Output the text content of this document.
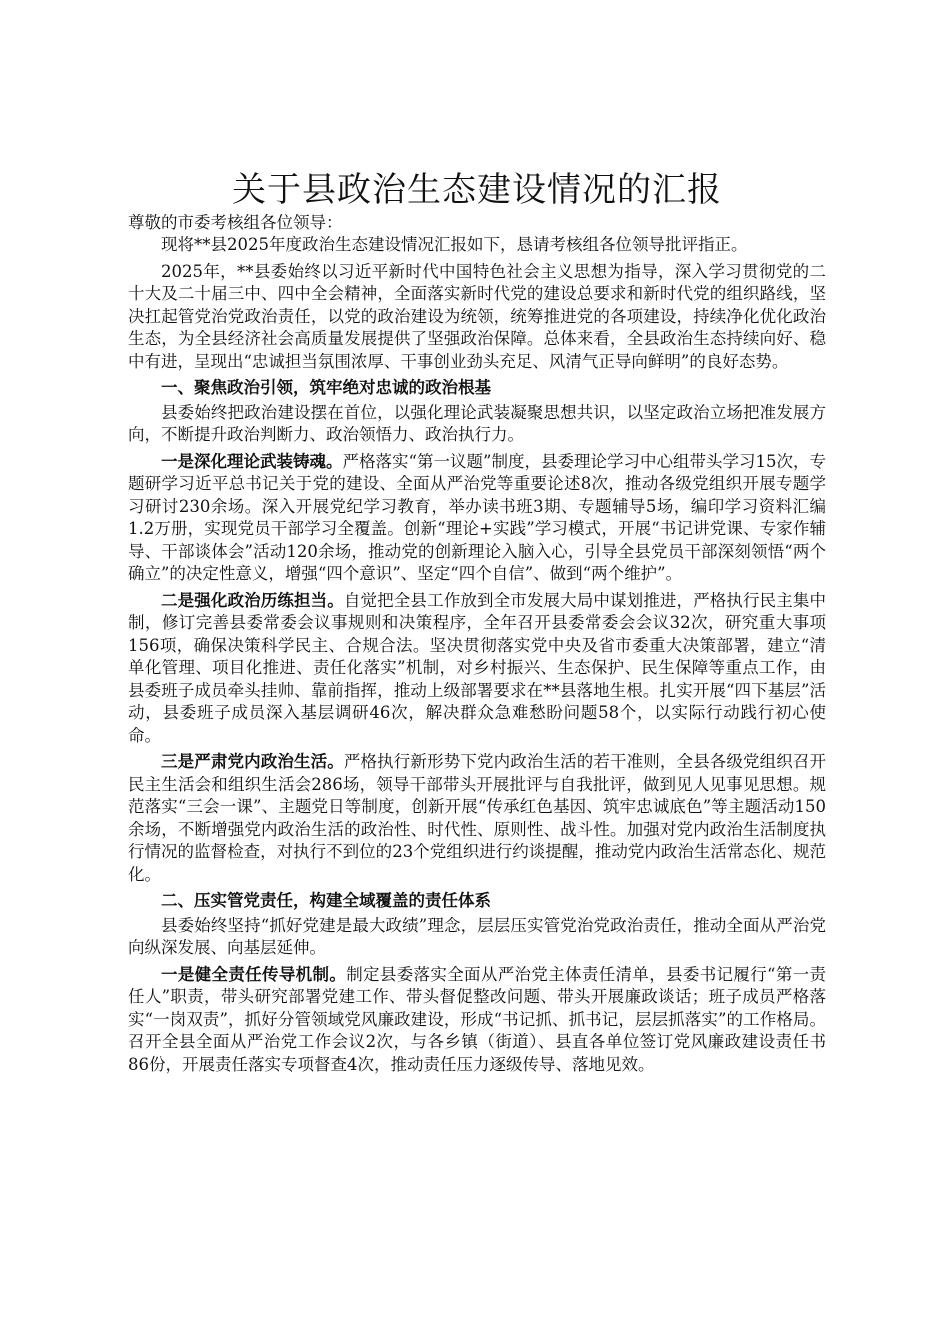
关于县政治生态建设情况的汇报

尊敬的市委考核组各位领导：

现将**县2025年度政治生态建设情况汇报如下，恳请考核组各位领导批评指正。

2025年，**县委始终以习近平新时代中国特色社会主义思想为指导，深入学习贯彻党的二十大及二十届三中、四中全会精神，全面落实新时代党的建设总要求和新时代党的组织路线，坚决扛起管党治党政治责任，以党的政治建设为统领，统筹推进党的各项建设，持续净化优化政治生态，为全县经济社会高质量发展提供了坚强政治保障。总体来看，全县政治生态持续向好、稳中有进，呈现出“忠诚担当氛围浓厚、干事创业劲头充足、风清气正导向鲜明”的良好态势。

一、聚焦政治引领，筑牢绝对忠诚的政治根基

县委始终把政治建设摆在首位，以强化理论武装凝聚思想共识，以坚定政治立场把准发展方向，不断提升政治判断力、政治领悟力、政治执行力。

一是深化理论武装铸魂。严格落实“第一议题”制度，县委理论学习中心组带头学习15次，专题研学习近平总书记关于党的建设、全面从严治党等重要论述8次，推动各级党组织开展专题学习研讨230余场。深入开展党纪学习教育，举办读书班3期、专题辅导5场，编印学习资料汇编1.2万册，实现党员干部学习全覆盖。创新“理论+实践”学习模式，开展“书记讲党课、专家作辅导、干部谈体会”活动120余场，推动党的创新理论入脑入心，引导全县党员干部深刻领悟“两个确立”的决定性意义，增强“四个意识”、坚定“四个自信”、做到“两个维护”。

二是强化政治历练担当。自觉把全县工作放到全市发展大局中谋划推进，严格执行民主集中制，修订完善县委常委会议事规则和决策程序，全年召开县委常委会会议32次，研究重大事项156项，确保决策科学民主、合规合法。坚决贯彻落实党中央及省市委重大决策部署，建立“清单化管理、项目化推进、责任化落实”机制，对乡村振兴、生态保护、民生保障等重点工作，由县委班子成员牵头挂帅、靠前指挥，推动上级部署要求在**县落地生根。扎实开展“四下基层”活动，县委班子成员深入基层调研46次，解决群众急难愁盼问题58个，以实际行动践行初心使命。

三是严肃党内政治生活。严格执行新形势下党内政治生活的若干准则，全县各级党组织召开民主生活会和组织生活会286场，领导干部带头开展批评与自我批评，做到见人见事见思想。规范落实“三会一课”、主题党日等制度，创新开展“传承红色基因、筑牢忠诚底色”等主题活动150余场，不断增强党内政治生活的政治性、时代性、原则性、战斗性。加强对党内政治生活制度执行情况的监督检查，对执行不到位的23个党组织进行约谈提醒，推动党内政治生活常态化、规范化。

二、压实管党责任，构建全域覆盖的责任体系

县委始终坚持“抓好党建是最大政绩”理念，层层压实管党治党政治责任，推动全面从严治党向纵深发展、向基层延伸。

一是健全责任传导机制。制定县委落实全面从严治党主体责任清单，县委书记履行“第一责任人”职责，带头研究部署党建工作、带头督促整改问题、带头开展廉政谈话；班子成员严格落实“一岗双责”，抓好分管领域党风廉政建设，形成“书记抓、抓书记，层层抓落实”的工作格局。召开全县全面从严治党工作会议2次，与各乡镇（街道）、县直各单位签订党风廉政建设责任书86份，开展责任落实专项督查4次，推动责任压力逐级传导、落地见效。
